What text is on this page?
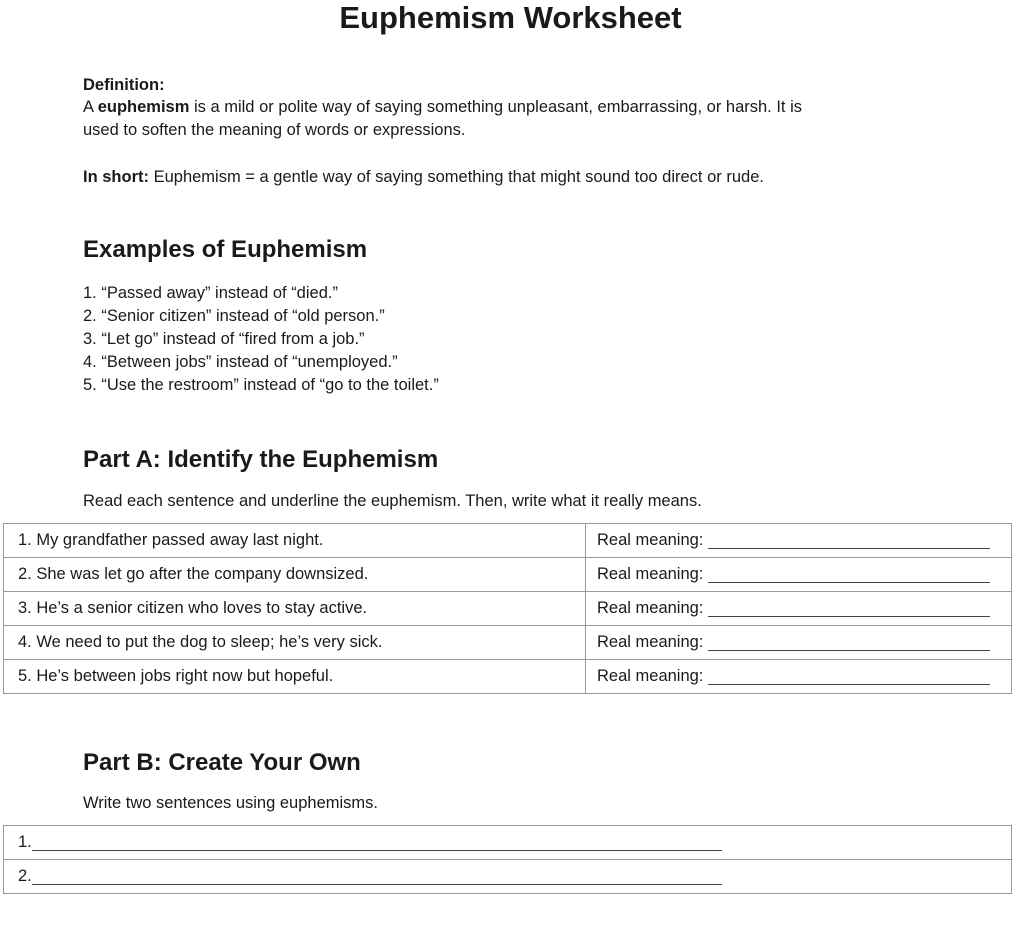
Euphemism Worksheet
Definition:
A euphemism is a mild or polite way of saying something unpleasant, embarrassing, or harsh. It is
used to soften the meaning of words or expressions.
In short: Euphemism = a gentle way of saying something that might sound too direct or rude.
Examples of Euphemism
1. “Passed away” instead of “died.”
2. “Senior citizen” instead of “old person.”
3. “Let go” instead of “fired from a job.”
4. “Between jobs” instead of “unemployed.”
5. “Use the restroom” instead of “go to the toilet.”
Part A: Identify the Euphemism
Read each sentence and underline the euphemism. Then, write what it really means.
1. My grandfather passed away last night.	Real meaning:
2. She was let go after the company downsized.	Real meaning:
3. He’s a senior citizen who loves to stay active.	Real meaning:
4. We need to put the dog to sleep; he’s very sick.	Real meaning:
5. He’s between jobs right now but hopeful.	Real meaning:
Part B: Create Your Own
Write two sentences using euphemisms.
1.
2.
